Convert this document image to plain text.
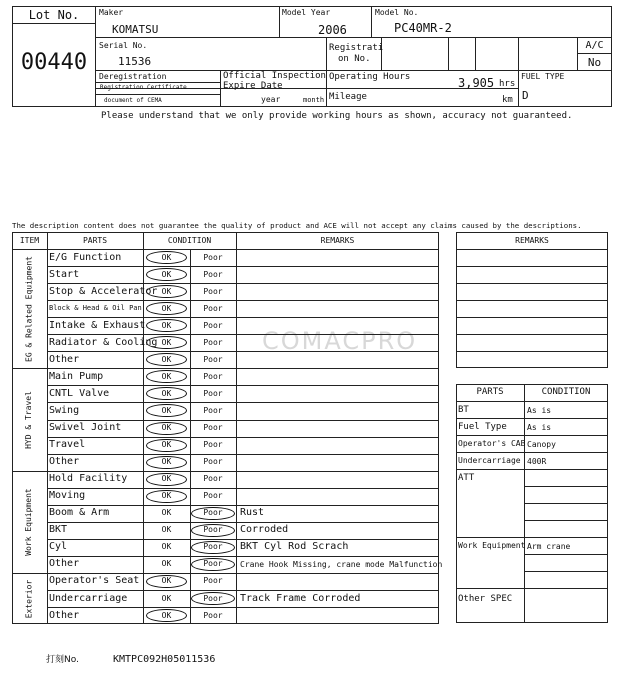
Lot No.
00440
Maker
KOMATSU
Model Year
2006
Model No.
PC40MR-2
Serial No.
11536
Registrati
on No.
A/C
No
Deregistration
Registration Certificate
document of CEMA
Official Inspection
Expire Date
year	month
Operating Hours	3,905 hrs
Mileage	km
FUEL TYPE
D
Please understand that we only provide working hours as shown, accuracy not guaranteed.
The description content does not guarantee the quality of product and ACE will not accept any claims caused by the descriptions.
COMACPRO
ITEM	PARTS	CONDITION	REMARKS
E/G Function	OK	Poor
Start	OK	Poor
Stop & Accelerator OK	Poor
Block & Head & Oil Pan	OK	Poor
Intake & Exhaust	OK	Poor
Radiator & Cooling OK	Poor
Other	OK	Poor
EG & Related Equipment
Main Pump	OK	Poor
CNTL Valve	OK	Poor
Swing	OK	Poor
Swivel Joint	OK	Poor
Travel	OK	Poor
Other	OK	Poor
HYD & Travel
Hold Facility	OK	Poor
Moving	OK	Poor
Boom & Arm	OK	Poor	Rust
BKT	OK	Poor	Corroded
Cyl	OK	Poor	BKT Cyl Rod Scrach
Other	OK	Poor	Crane Hook Missing, crane mode Malfunction
Work Equipment
Operator's Seat	OK	Poor
Undercarriage	OK	Poor	Track Frame Corroded
Other	OK	Poor
Exterior
REMARKS
PARTS	CONDITION
BT	As is
Fuel Type	As is
Operator's CAB Canopy
Undercarriage 400R
ATT
Work Equipment Arm crane
Other SPEC
打刻No.	KMTPC092H05011536
